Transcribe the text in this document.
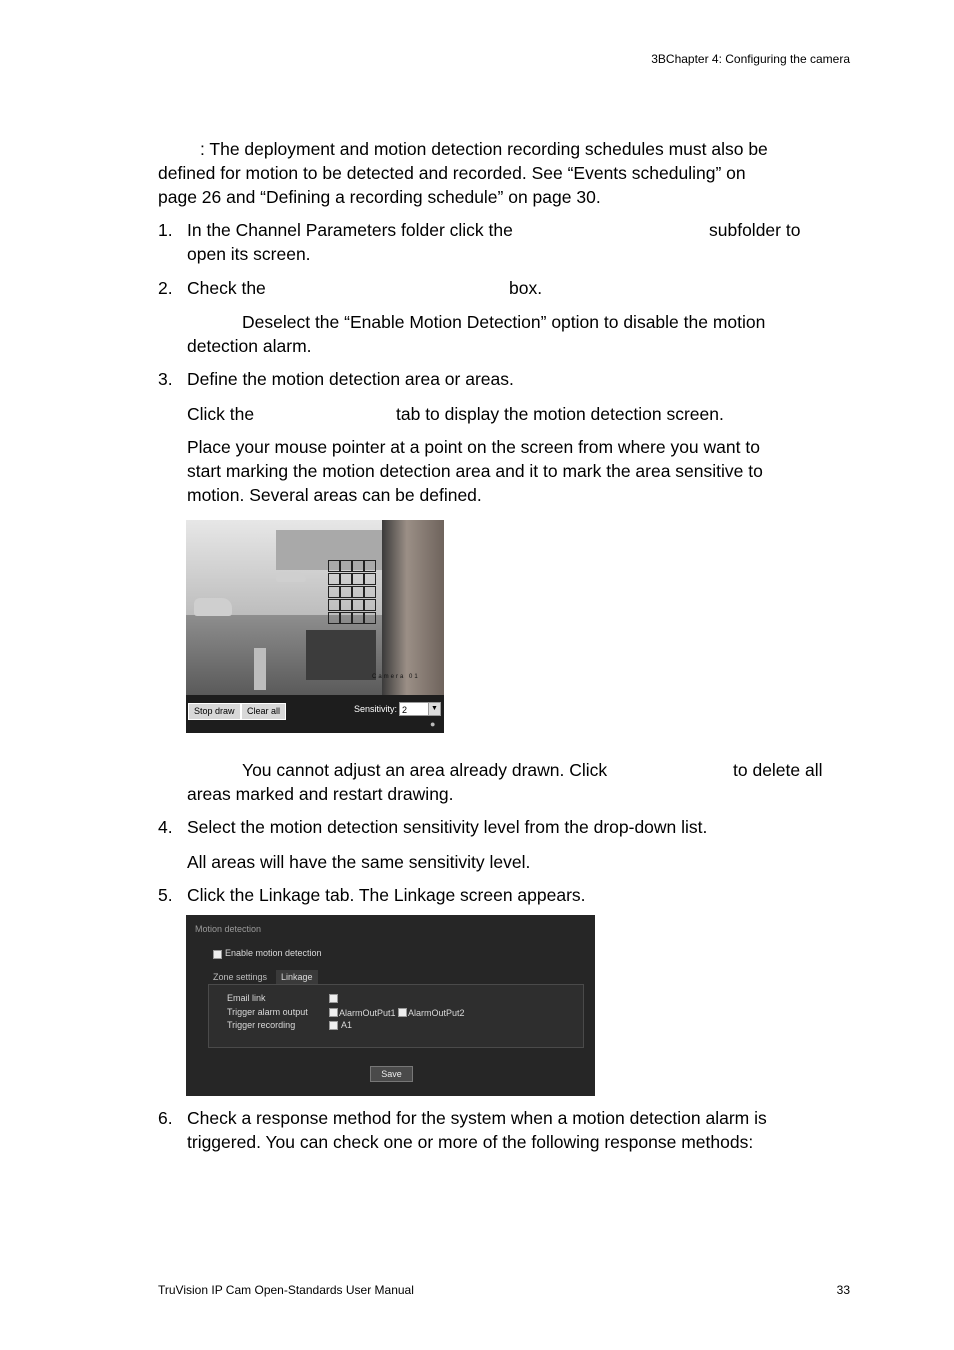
3BChapter 4: Configuring the camera
: The deployment and motion detection recording schedules must also be
defined for motion to be detected and recorded. See “Events scheduling” on
page 26 and “Defining a recording schedule” on page 30.
1. In the Channel Parameters folder click the	subfolder to
open its screen.
2. Check the	box.
Deselect the “Enable Motion Detection” option to disable the motion
detection alarm.
3. Define the motion detection area or areas.
Click the	tab to display the motion detection screen.
Place your mouse pointer at a point on the screen from where you want to
start marking the motion detection area and it to mark the area sensitive to
motion. Several areas can be defined.
Camera 01
Stop draw	Clear all	Sensitivity: 2	▼
●
You cannot adjust an area already drawn. Click	to delete all
areas marked and restart drawing.
4. Select the motion detection sensitivity level from the drop-down list.
All areas will have the same sensitivity level.
5. Click the Linkage tab. The Linkage screen appears.
Motion detection
Enable motion detection
Zone settings	Linkage
Email link
Trigger alarm output	AlarmOutPut1 AlarmOutPut2
Trigger recording	A1
Save
6. Check a response method for the system when a motion detection alarm is
triggered. You can check one or more of the following response methods:
TruVision IP Cam Open-Standards User Manual	33
